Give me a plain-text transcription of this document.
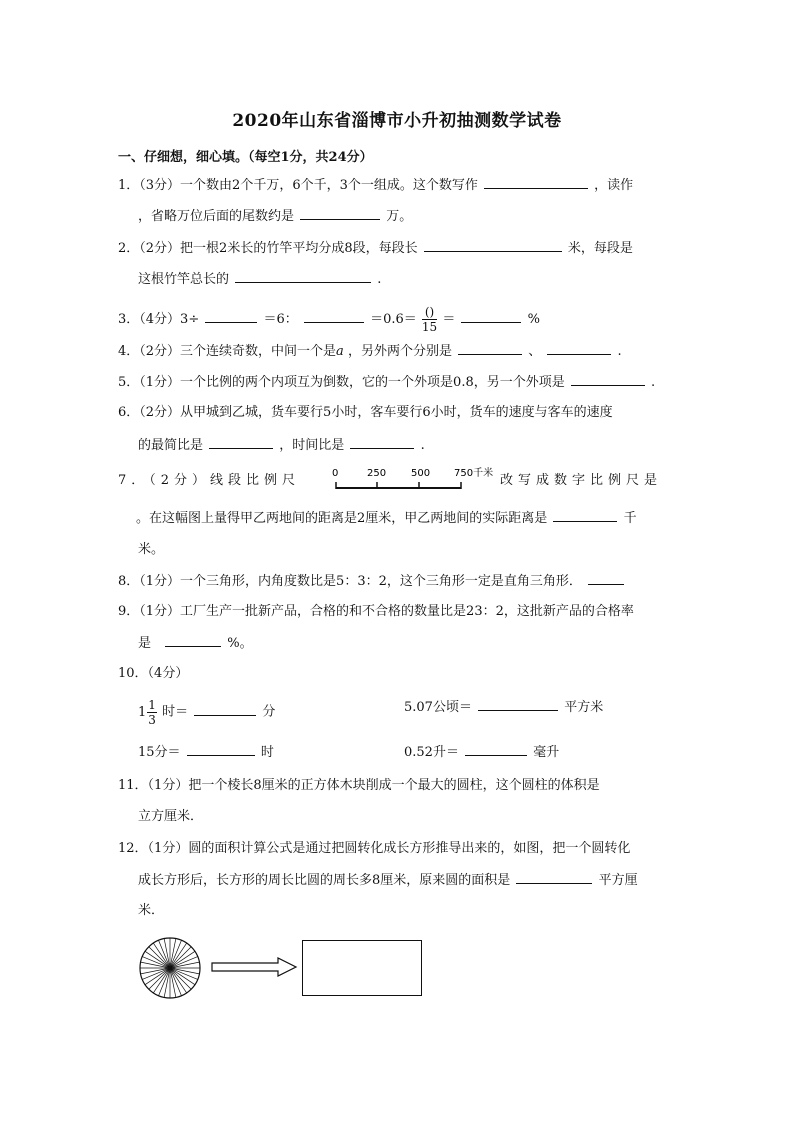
2020年山东省淄博市小升初抽测数学试卷
一、仔细想，细心填。（每空1分，共24分）
1．（3分）一个数由2个千万，6个千，3个一组成。这个数写作	，读作
，省略万位后面的尾数约是	万。
2．（2分）把一根2米长的竹竿平均分成8段，每段长	米，每段是
这根竹竿总长的	.
3．（4分）3÷	＝6：	$=0.6= \frac{()}{15}$ ＝	%
4．（2分）三个连续奇数，中间一个是a ，另外两个分别是	、	.
5．（1分）一个比例的两个内项互为倒数，它的一个外项是0.8，另一个外项是	.
6．（2分）从甲城到乙城，货车要行5小时，客车要行6小时，货车的速度与客车的速度
的最简比是	，时间比是	.
7．（2分）线段比例尺	0	250 500 750千米 改写成数字比例尺是
。在这幅图上量得甲乙两地间的距离是2厘米，甲乙两地间的实际距离是	千
米。
8．（1分）一个三角形，内角度数比是5：3：2，这个三角形一定是直角三角形．
9．（1分）工厂生产一批新产品，合格的和不合格的数量比是23：2，这批新产品的合格率
是	%。
10．（4分）
$1 \frac{1}{3}$ 时＝	分	5.07公顷＝	平方米
15分＝	时	0.52升＝	毫升
11．（1分）把一个棱长8厘米的正方体木块削成一个最大的圆柱，这个圆柱的体积是
立方厘米．
12．（1分）圆的面积计算公式是通过把圆转化成长方形推导出来的，如图，把一个圆转化
成长方形后，长方形的周长比圆的周长多8厘米，原来圆的面积是	平方厘
米．
